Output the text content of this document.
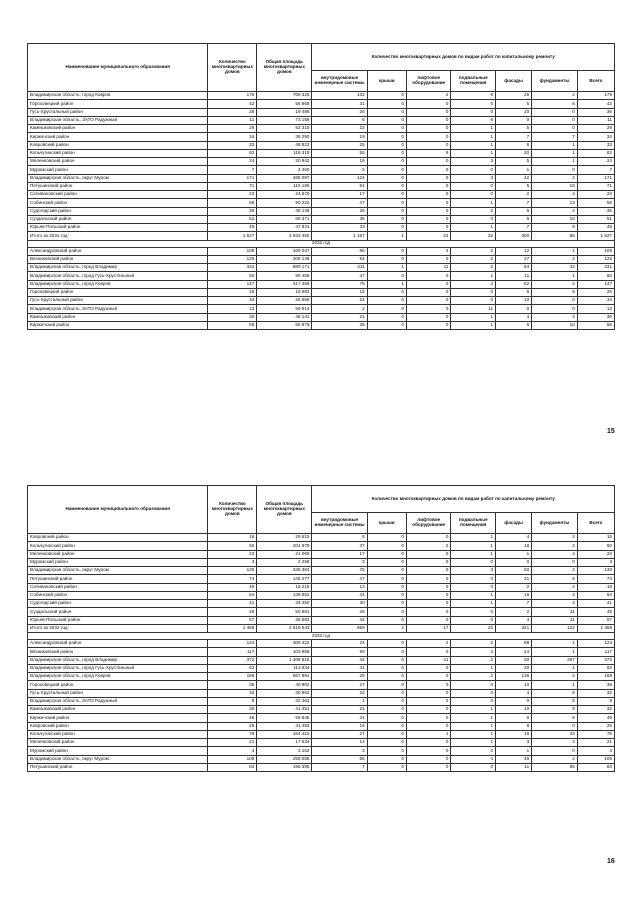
Наименование муниципального образования	Количество многоквартирных домов	Общая площадь многоквартирных домов	Количество многоквартирных домов по видам работ по капитальному ремонту						
			внутридомовые инженерные системы	крыши	лифтовое оборудование	подвальные помещения	фасады	фундаменты	Всего
Владимирская область, город Ковров	176	769 326	132	0	2	6	25	2	176
Гороховецкий район	42	56 665	31	0	0	0	5	6	42
Гусь-Хрустальный район	36	19 486	26	0	0	0	10	0	36
Владимирская область, ЗАТО Радужный	11	73 159	6	0	0	6	0	0	11
Камешковский район	29	53 315	22	0	0	1	5	0	29
Киржачский район	34	36 290	19	0	0	1	7	7	34
Ковровский район	33	48 823	25	0	0	1	6	1	33
Кольчугинский район	82	116 319	55	0	6	1	20	1	82
Меленковский район	24	20 942	16	0	0	3	5	1	24
Муромский район	7	4 460	5	0	0	0	1	0	7
Владимирская область, округ Муром	171	465 097	124	0	0	3	42	2	171
Петушинский район	71	116 186	51	0	0	0	5	15	71
Селивановский район	23	24 676	17	0	0	0	2	4	23
Собинский район	58	90 222	47	0	0	1	7	13	58
Судогодский район	36	48 149	26	0	0	2	6	4	36
Суздальский район	51	66 471	35	0	0	0	6	10	51
Юрьев-Польский район	49	47 831	33	0	0	1	7	8	49
Итого за 2031 год:	1 627	3 933 450	1 187	1	22	32	300	85	1 627
2032 год									
Александровский район	108	169 037	86	0	4	2	12	1	108
Вязниковский район	125	206 148	94	0	0	2	27	2	125
Владимирская область, город Владимир	331	880 171	211	1	11	2	64	42	331
Владимирская область, город Гусь-Хрустальный	60	95 459	47	0	0	1	11	1	60
Владимирская область, город Ковров	147	317 369	78	1	0	4	62	2	147
Гороховецкий район	26	18 993	15	0	0	0	6	5	26
Гусь-Хрустальный район	34	25 565	24	0	0	0	10	0	34
Владимирская область, ЗАТО Радужный	13	59 514	2	0	0	11	0	0	13
Камешковский район	30	46 141	21	0	0	1	4	4	30
Киржачский район	56	65 976	39	0	0	1	6	10	56
15
Наименование муниципального образования	Количество многоквартирных домов	Общая площадь многоквартирных домов	Количество многоквартирных домов по видам работ по капитальному ремонту						
			внутридомовые инженерные системы	крыши	лифтовое оборудование	подвальные помещения	фасады	фундаменты	Всего
Ковровский район	16	29 615	8	0	0	1	4	3	16
Кольчугинский район	60	204 978	37	0	2	1	18	2	60
Меленковский район	23	21 065	17	0	0	1	1	4	23
Муромский район	3	2 258	3	0	0	0	0	0	3
Владимирская область, округ Муром	130	345 384	75	0	0	3	50	2	130
Петушинский район	74	145 277	47	0	0	0	21	6	74
Селивановский район	19	18 215	13	0	0	0	2	4	19
Собинский район	64	138 852	44	0	0	1	16	3	64
Судогодский район	41	34 450	30	0	0	1	7	3	41
Суздальский район	49	50 881	36	0	0	0	2	11	49
Юрьев-Польский район	57	38 593	42	0	0	0	4	11	57
Итого за 2032 год:	1 459	2 619 543	959	2	17	22	321	122	1 459
2033 год									
Александровский район	124	309 422	24	0	2	2	88	1	124
Вязниковский район	117	103 968	90	0	0	2	24	1	117
Владимирская область, город Владимир	372	1 408 615	42	0	41	2	30	267	372
Владимирская область, город Гусь-Хрустальный	63	113 634	41	0	0	1	20	1	63
Владимирская область, город Ковров	168	567 891	28	0	0	2	136	2	168
Гороховецкий район	38	40 802	27	0	0	0	10	1	38
Гусь-Хрустальный район	32	30 962	22	0	0	0	4	6	32
Владимирская область, ЗАТО Радужный	8	32 461	1	0	2	0	0	5	8
Камешковский район	30	41 451	21	0	0	1	10	8	32
Киржачский район	46	59 645	31	0	0	1	6	6	46
Ковровский район	25	31 453	16	0	0	1	8	0	25
Кольчугинский район	78	164 410	27	0	1	1	16	33	78
Меленковский район	21	17 634	14	0	0	1	3	3	21
Муромский район	4	3 162	3	0	0	0	1	0	4
Владимирская область, округ Муром	106	258 058	56	0	0	4	46	2	106
Петушинский район	83	195 395	7	0	0	0	11	65	83
16
